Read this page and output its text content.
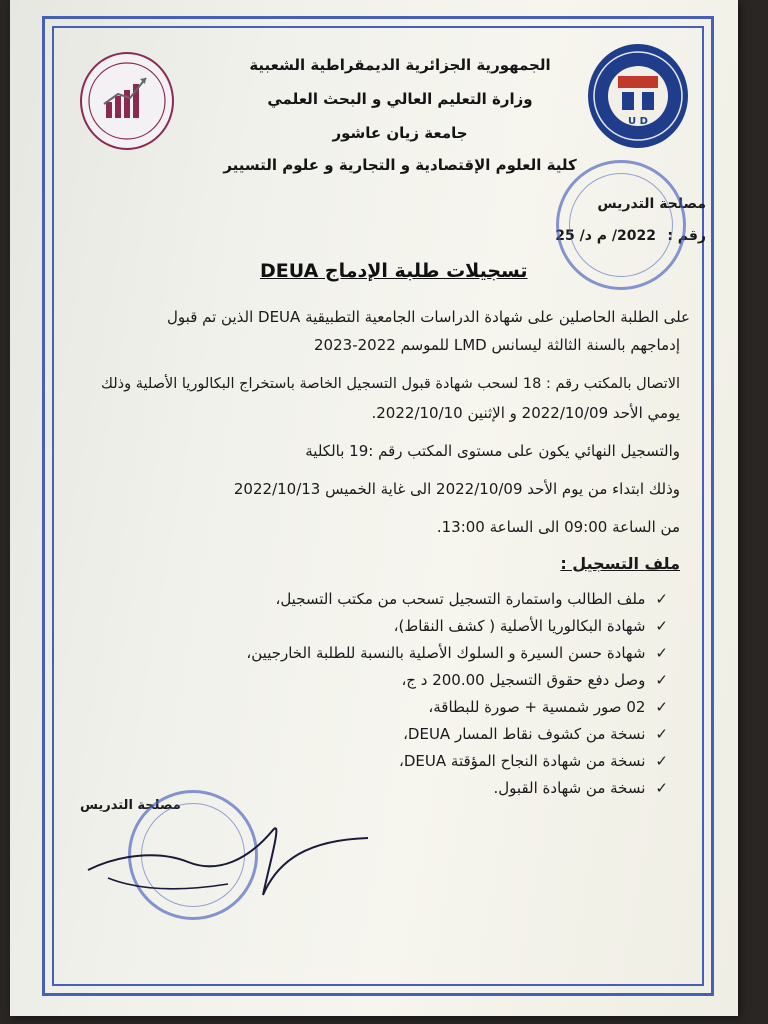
U D
الجمهورية الجزائرية الديمقراطية الشعبية
وزارة التعليم العالي و البحث العلمي
جامعة زيان عاشور
كلية العلوم الإقتصادية و التجارية و علوم التسيير
مصلحة التدريس
رقم :
2022/ م د/ 25
تسجيلات طلبة الإدماج DEUA
على الطلبة الحاصلين على شهادة الدراسات الجامعية التطبيقية DEUA الذين تم قبول
إدماجهم بالسنة الثالثة ليسانس LMD للموسم 2022-2023
الاتصال بالمكتب رقم : 18 لسحب شهادة قبول التسجيل الخاصة باستخراج البكالوريا الأصلية وذلك
يومي الأحد 2022/10/09 و الإثنين 2022/10/10.
والتسجيل النهائي يكون على مستوى المكتب رقم :19 بالكلية
وذلك ابتداء من يوم الأحد 2022/10/09 الى غاية الخميس 2022/10/13
من الساعة 09:00 الى الساعة 13:00.
ملف التسجيل :
✓ملف الطالب واستمارة التسجيل تسحب من مكتب التسجيل،
✓شهادة البكالوريا الأصلية ( كشف النقاط)،
✓شهادة حسن السيرة و السلوك الأصلية بالنسبة للطلبة الخارجيين،
✓وصل دفع حقوق التسجيل 200.00 د ج،
✓02 صور شمسية + صورة للبطاقة،
✓نسخة من كشوف نقاط المسار DEUA،
✓نسخة من شهادة النجاح المؤقتة DEUA،
✓نسخة من شهادة القبول.
مصلحة التدريس
